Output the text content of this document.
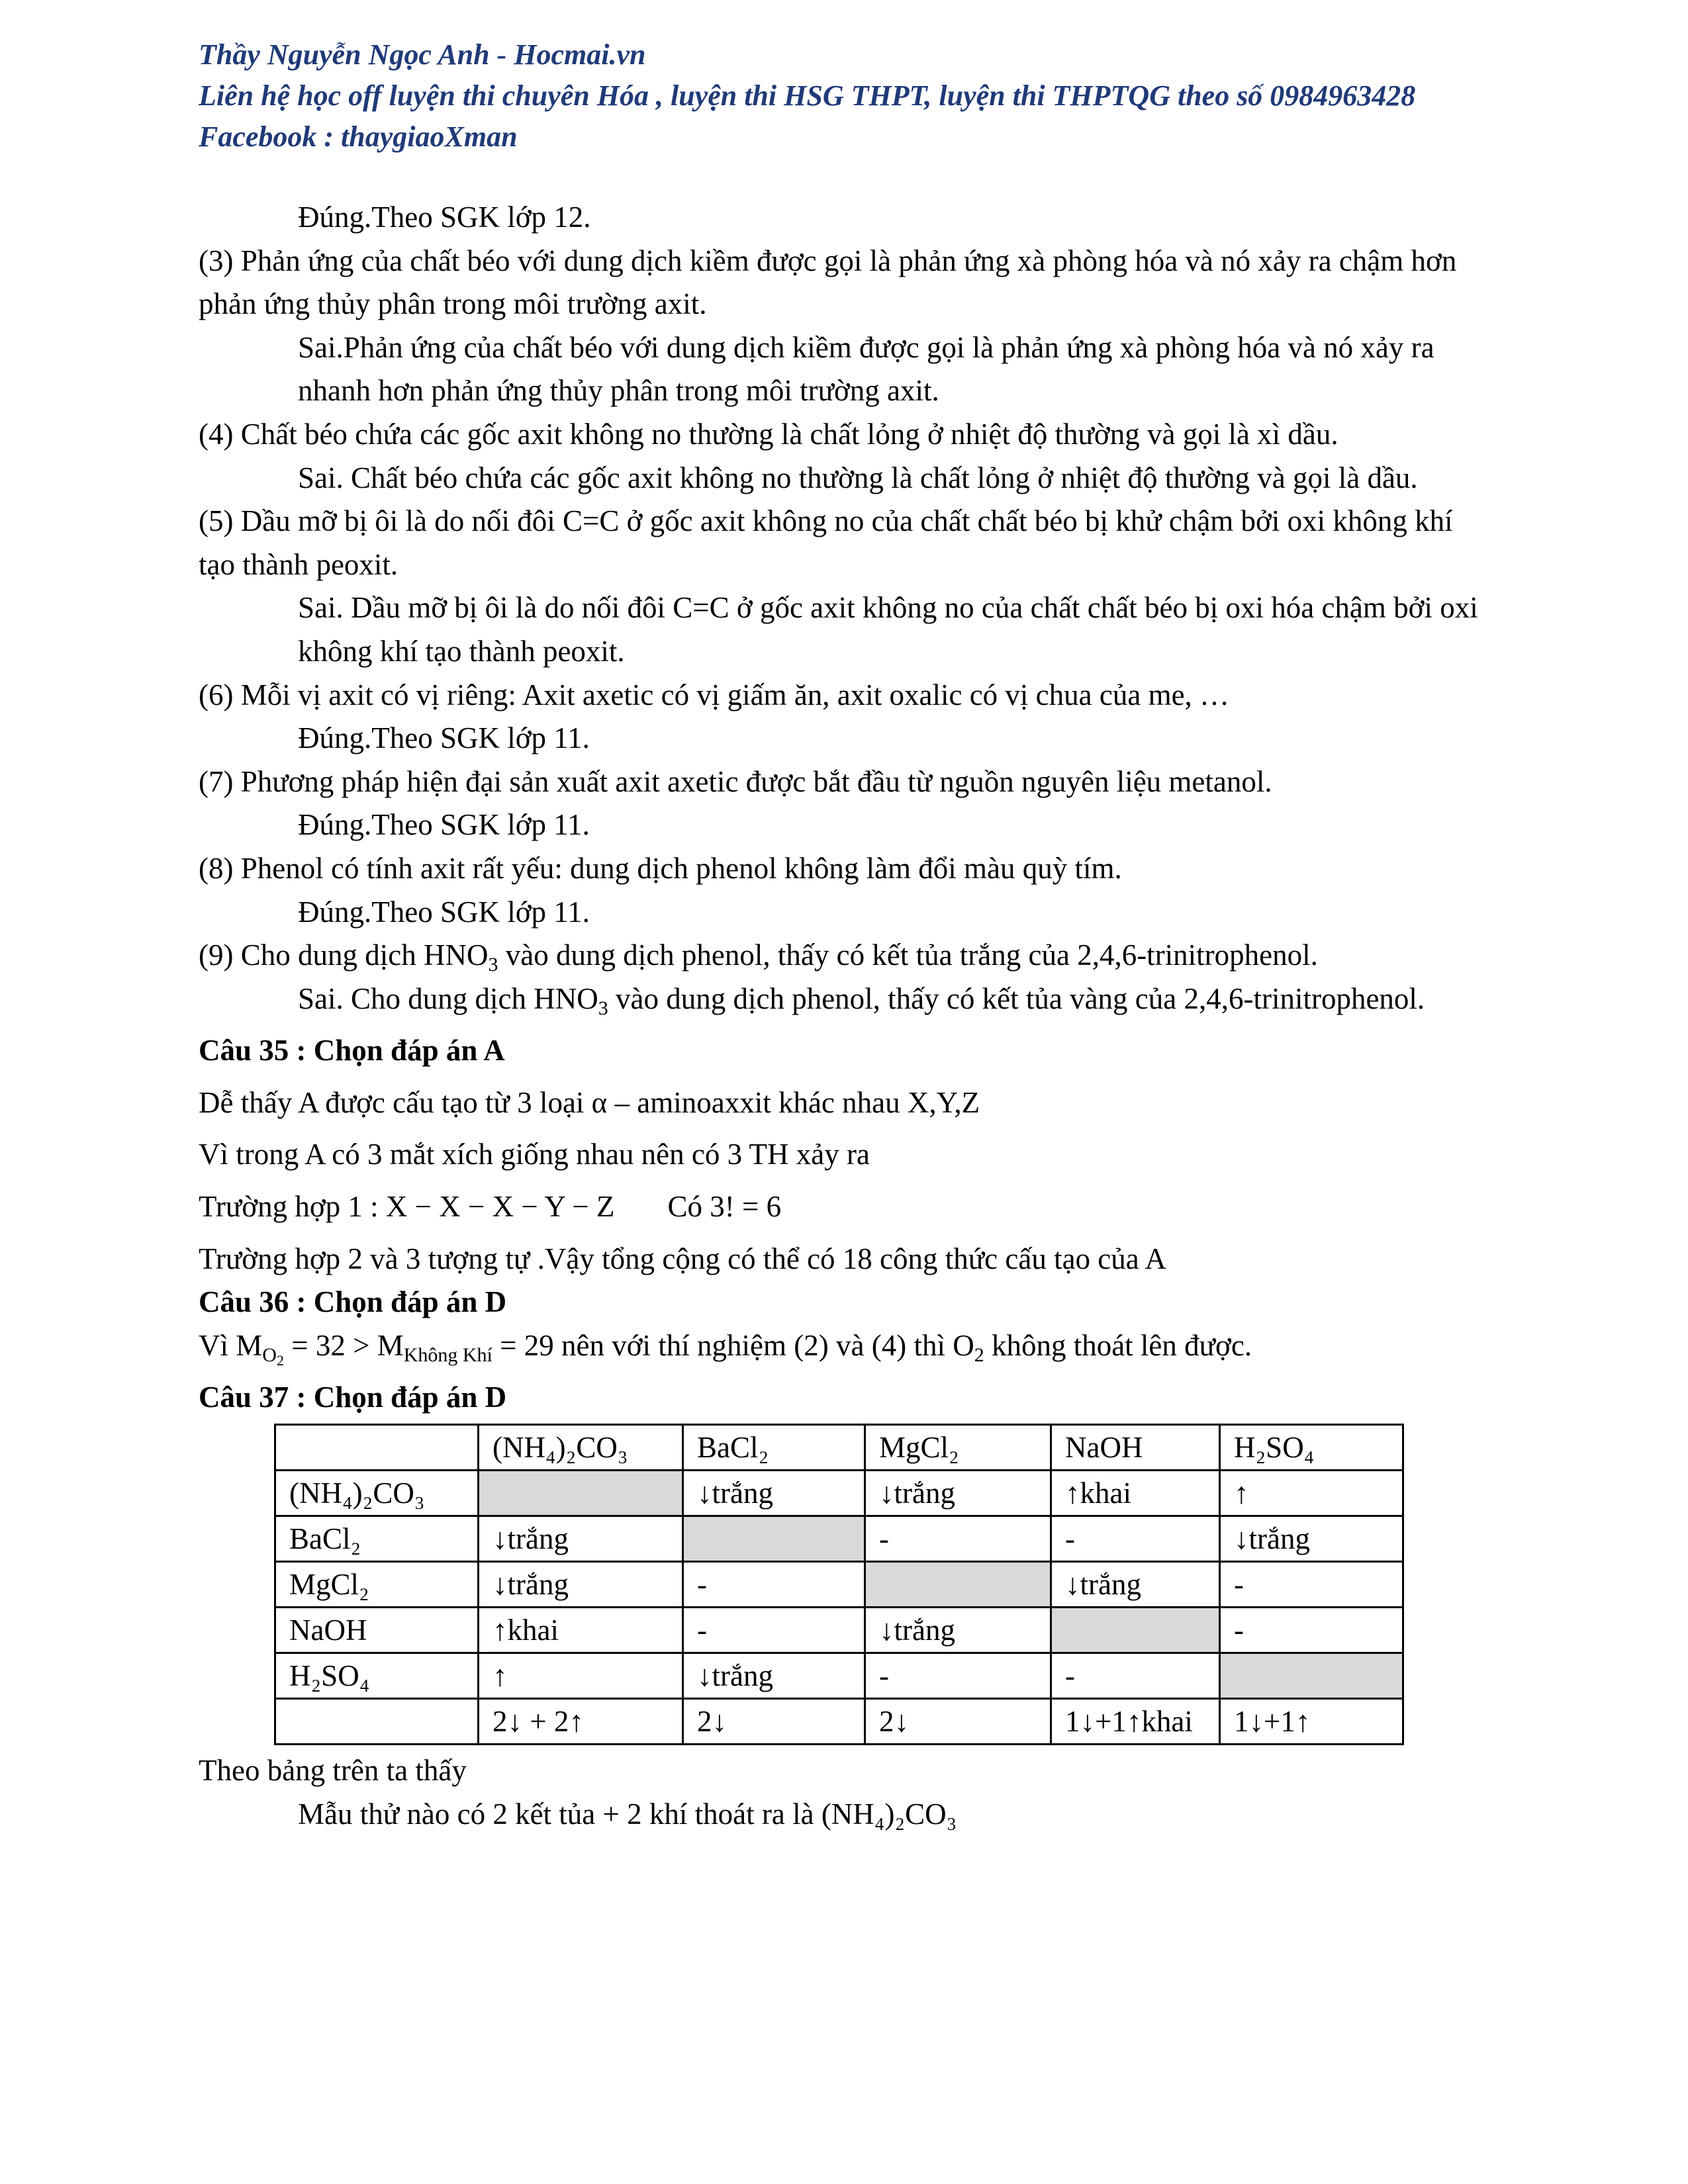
Thầy Nguyễn Ngọc Anh - Hocmai.vn
Liên hệ học off luyện thi chuyên Hóa , luyện thi HSG THPT, luyện thi THPTQG theo số 0984963428
Facebook : thaygiaoXman

Đúng.Theo SGK lớp 12.

(3) Phản ứng của chất béo với dung dịch kiềm được gọi là phản ứng xà phòng hóa và nó xảy ra chậm hơn phản ứng thủy phân trong môi trường axit.

Sai.Phản ứng của chất béo với dung dịch kiềm được gọi là phản ứng xà phòng hóa và nó xảy ra nhanh hơn phản ứng thủy phân trong môi trường axit.

(4) Chất béo chứa các gốc axit không no thường là chất lỏng ở nhiệt độ thường và gọi là xì dầu.

Sai. Chất béo chứa các gốc axit không no thường là chất lỏng ở nhiệt độ thường và gọi là dầu.

(5) Dầu mỡ bị ôi là do nối đôi C=C ở gốc axit không no của chất chất béo bị khử chậm bởi oxi không khí tạo thành peoxit.

Sai. Dầu mỡ bị ôi là do nối đôi C=C ở gốc axit không no của chất chất béo bị oxi hóa chậm bởi oxi không khí tạo thành peoxit.

(6) Mỗi vị axit có vị riêng: Axit axetic có vị giấm ăn, axit oxalic có vị chua của me, …

Đúng.Theo SGK lớp 11.

(7) Phương pháp hiện đại sản xuất axit axetic được bắt đầu từ nguồn nguyên liệu metanol.

Đúng.Theo SGK lớp 11.

(8) Phenol có tính axit rất yếu: dung dịch phenol không làm đổi màu quỳ tím.

Đúng.Theo SGK lớp 11.

(9) Cho dung dịch $HNO_3$ vào dung dịch phenol, thấy có kết tủa trắng của 2,4,6-trinitrophenol.

Sai. Cho dung dịch $HNO_3$ vào dung dịch phenol, thấy có kết tủa vàng của 2,4,6-trinitrophenol.

Câu 35 : Chọn đáp án A

Dễ thấy A được cấu tạo từ 3 loại α – aminoaxxit khác nhau X,Y,Z

Vì trong A có 3 mắt xích giống nhau nên có 3 TH xảy ra

Trường hợp 1 : X − X − X − Y − Z Có 3! = 6

Trường hợp 2 và 3 tượng tự .Vậy tổng cộng có thể có 18 công thức cấu tạo của A

Câu 36 : Chọn đáp án D

Vì $M_{O_2} = 32 > M_{Không Khí} = 29$ nên với thí nghiệm (2) và (4) thì $O_2$ không thoát lên được.

Câu 37 : Chọn đáp án D

	(NH₄)₂CO₃	BaCl₂	MgCl₂	NaOH	H₂SO₄
(NH₄)₂CO₃		↓trắng	↓trắng	↑khai	↑
BaCl₂	↓trắng		-	-	↓trắng
MgCl₂	↓trắng	-		↓trắng	-
NaOH	↑khai	-	↓trắng		-
H₂SO₄	↑	↓trắng	-	-	
	2↓ + 2↑	2↓	2↓	1↓+1↑khai	1↓+1↑

Theo bảng trên ta thấy

Mẫu thử nào có 2 kết tủa + 2 khí thoát ra là (NH₄)₂CO₃
